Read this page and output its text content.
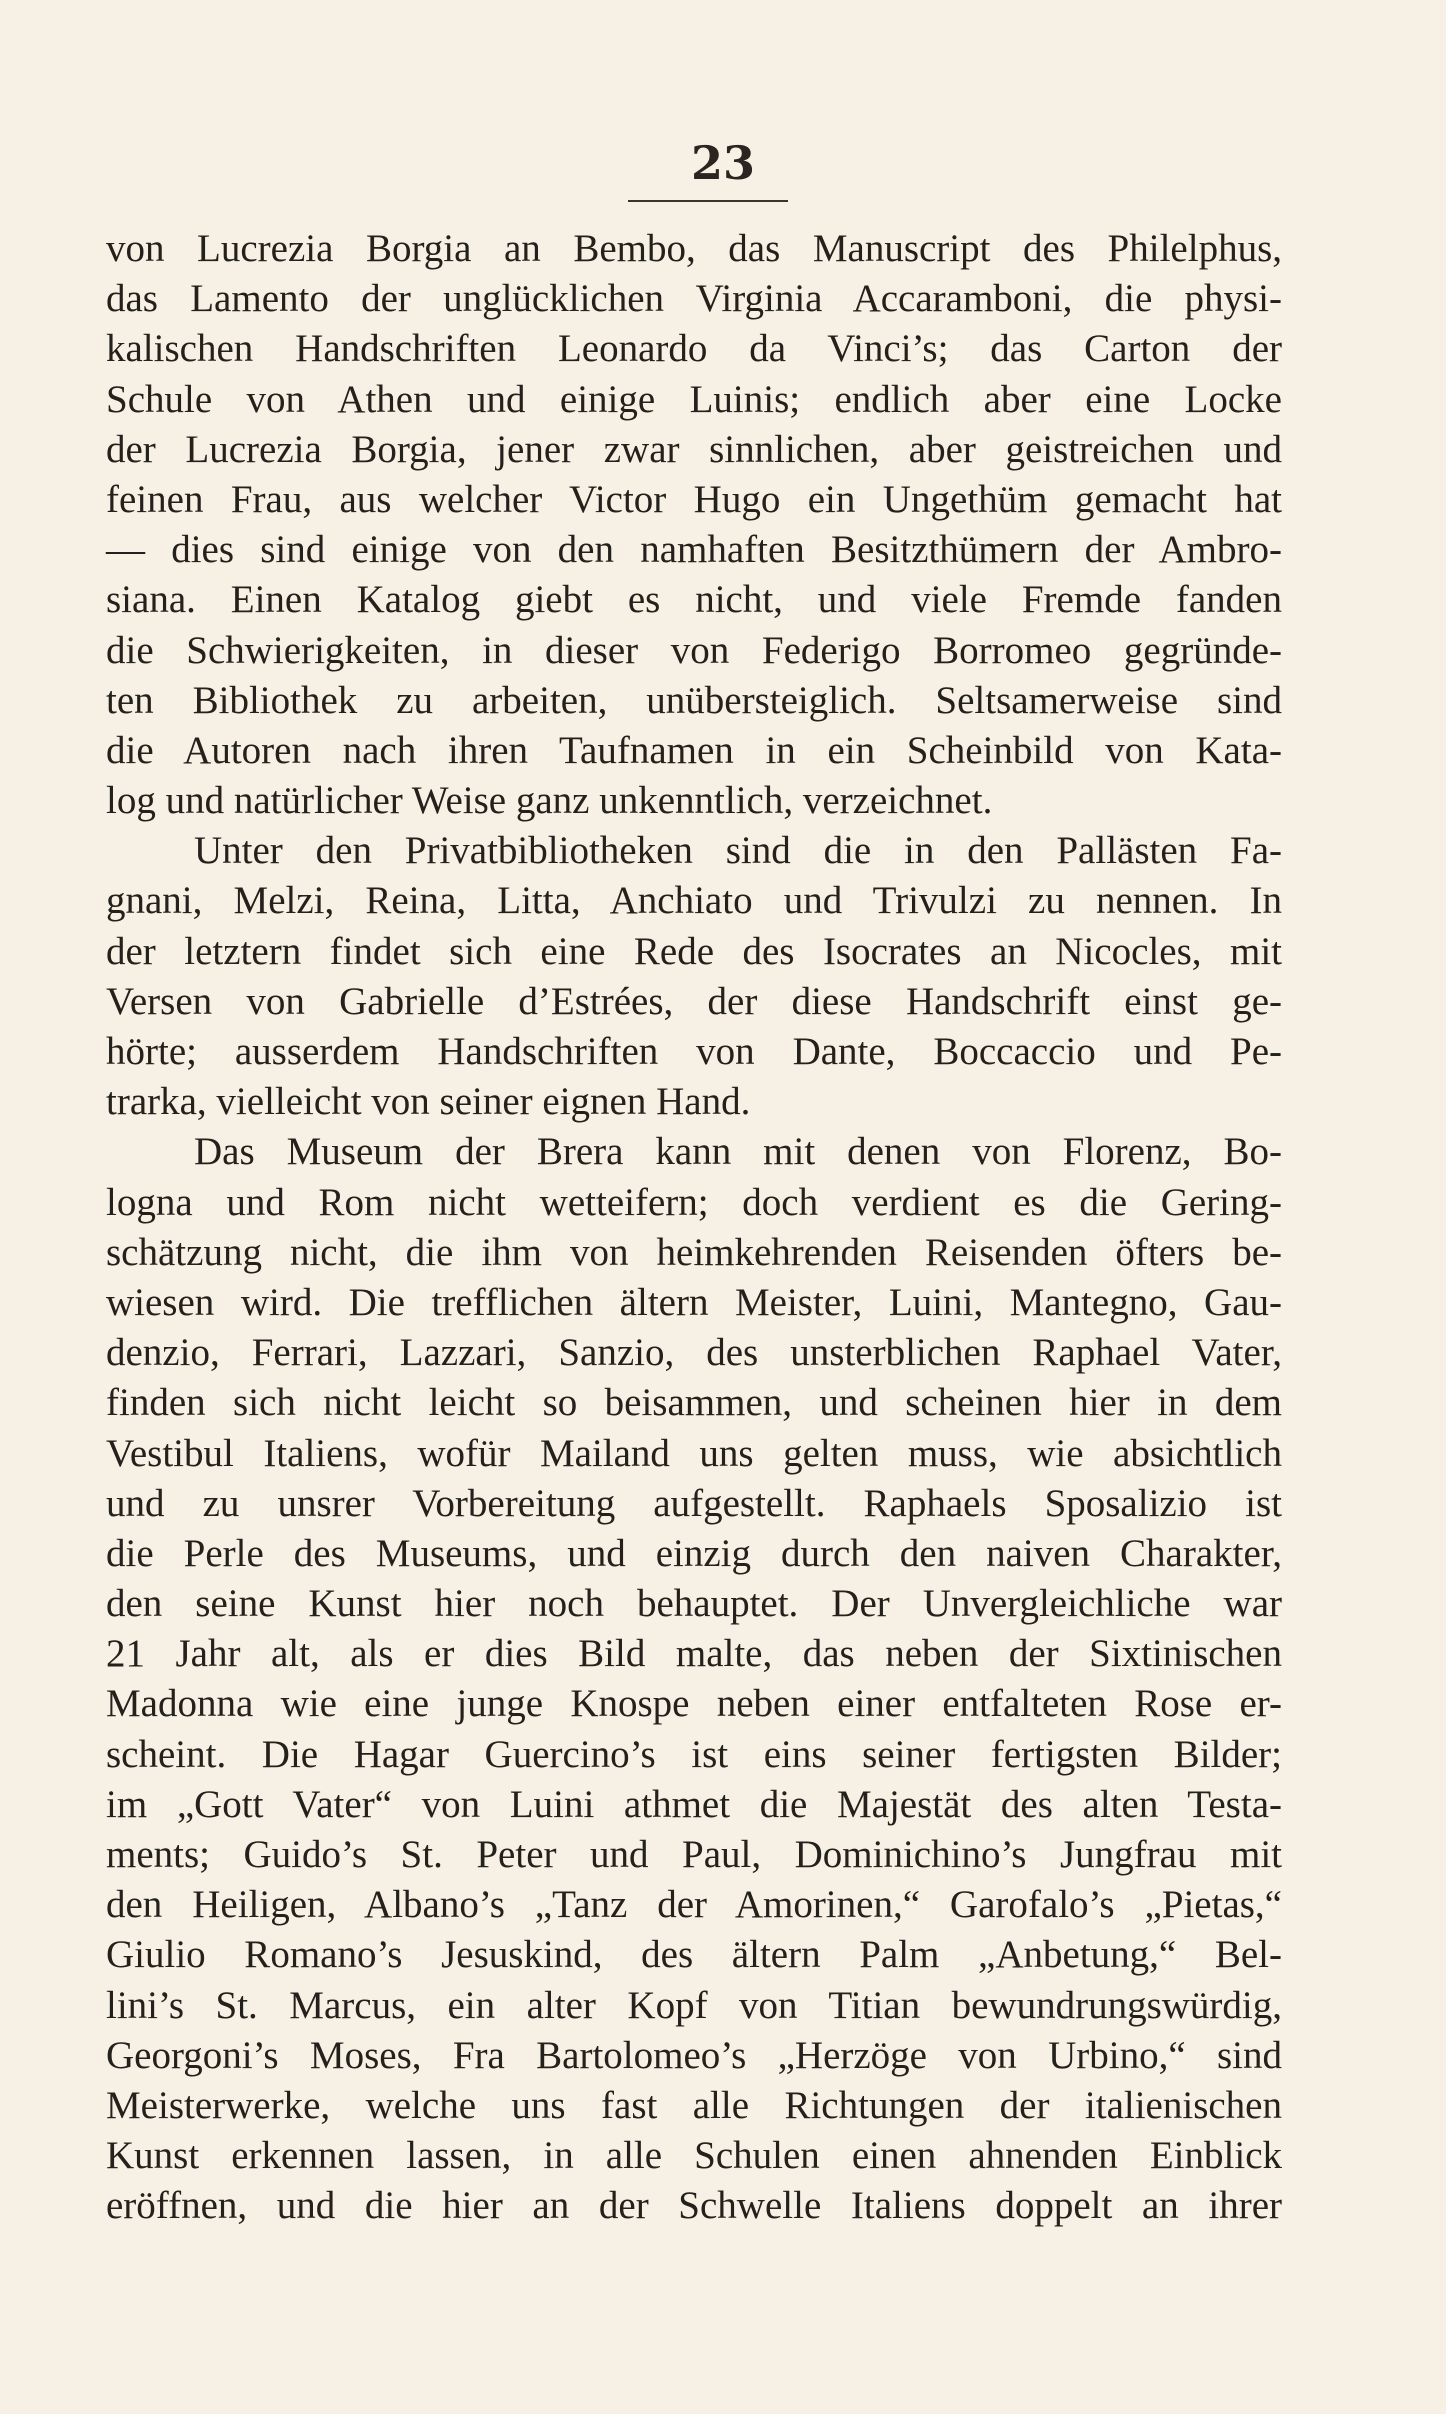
23
von Lucrezia Borgia an Bembo, das Manuscript des Philelphus,
das Lamento der unglücklichen Virginia Accaramboni, die physi-
kalischen Handschriften Leonardo da Vinci’s; das Carton der
Schule von Athen und einige Luinis; endlich aber eine Locke
der Lucrezia Borgia, jener zwar sinnlichen, aber geistreichen und
feinen Frau, aus welcher Victor Hugo ein Ungethüm gemacht hat
— dies sind einige von den namhaften Besitzthümern der Ambro-
siana. Einen Katalog giebt es nicht, und viele Fremde fanden
die Schwierigkeiten, in dieser von Federigo Borromeo gegründe-
ten Bibliothek zu arbeiten, unübersteiglich. Seltsamerweise sind
die Autoren nach ihren Taufnamen in ein Scheinbild von Kata-
log und natürlicher Weise ganz unkenntlich, verzeichnet.
Unter den Privatbibliotheken sind die in den Pallästen Fa-
gnani, Melzi, Reina, Litta, Anchiato und Trivulzi zu nennen. In
der letztern findet sich eine Rede des Isocrates an Nicocles, mit
Versen von Gabrielle d’Estrées, der diese Handschrift einst ge-
hörte; ausserdem Handschriften von Dante, Boccaccio und Pe-
trarka, vielleicht von seiner eignen Hand.
Das Museum der Brera kann mit denen von Florenz, Bo-
logna und Rom nicht wetteifern; doch verdient es die Gering-
schätzung nicht, die ihm von heimkehrenden Reisenden öfters be-
wiesen wird. Die trefflichen ältern Meister, Luini, Mantegno, Gau-
denzio, Ferrari, Lazzari, Sanzio, des unsterblichen Raphael Vater,
finden sich nicht leicht so beisammen, und scheinen hier in dem
Vestibul Italiens, wofür Mailand uns gelten muss, wie absichtlich
und zu unsrer Vorbereitung aufgestellt. Raphaels Sposalizio ist
die Perle des Museums, und einzig durch den naiven Charakter,
den seine Kunst hier noch behauptet. Der Unvergleichliche war
21 Jahr alt, als er dies Bild malte, das neben der Sixtinischen
Madonna wie eine junge Knospe neben einer entfalteten Rose er-
scheint. Die Hagar Guercino’s ist eins seiner fertigsten Bilder;
im „Gott Vater“ von Luini athmet die Majestät des alten Testa-
ments; Guido’s St. Peter und Paul, Dominichino’s Jungfrau mit
den Heiligen, Albano’s „Tanz der Amorinen,“ Garofalo’s „Pietas,“
Giulio Romano’s Jesuskind, des ältern Palm „Anbetung,“ Bel-
lini’s St. Marcus, ein alter Kopf von Titian bewundrungswürdig,
Georgoni’s Moses, Fra Bartolomeo’s „Herzöge von Urbino,“ sind
Meisterwerke, welche uns fast alle Richtungen der italienischen
Kunst erkennen lassen, in alle Schulen einen ahnenden Einblick
eröffnen, und die hier an der Schwelle Italiens doppelt an ihrer
